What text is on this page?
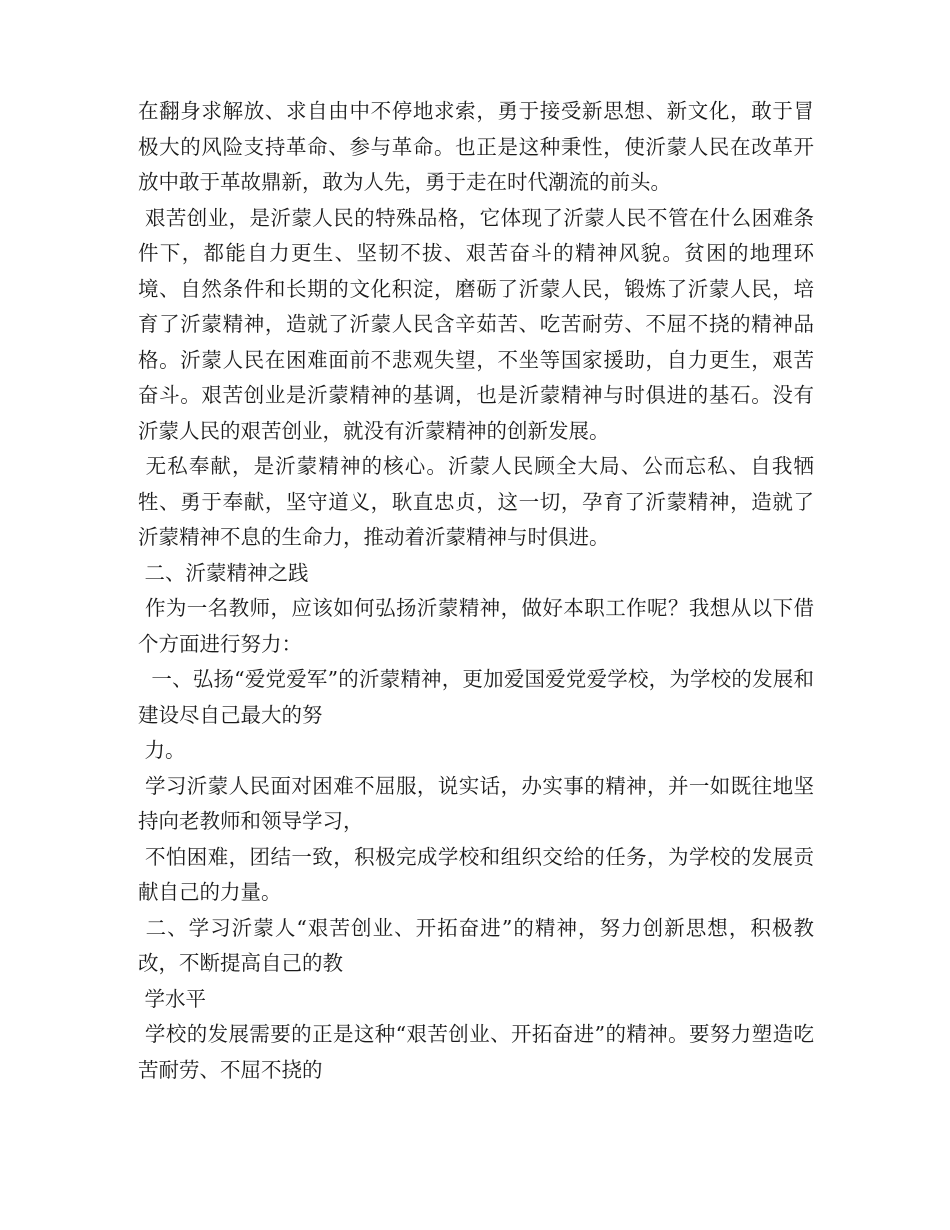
在翻身求解放、求自由中不停地求索，勇于接受新思想、新文化，敢于冒极大的风险支持革命、参与革命。也正是这种秉性，使沂蒙人民在改革开放中敢于革故鼎新，敢为人先，勇于走在时代潮流的前头。

艰苦创业，是沂蒙人民的特殊品格，它体现了沂蒙人民不管在什么困难条件下，都能自力更生、坚韧不拔、艰苦奋斗的精神风貌。贫困的地理环境、自然条件和长期的文化积淀，磨砺了沂蒙人民，锻炼了沂蒙人民，培育了沂蒙精神，造就了沂蒙人民含辛茹苦、吃苦耐劳、不屈不挠的精神品格。沂蒙人民在困难面前不悲观失望，不坐等国家援助，自力更生，艰苦奋斗。艰苦创业是沂蒙精神的基调，也是沂蒙精神与时俱进的基石。没有沂蒙人民的艰苦创业，就没有沂蒙精神的创新发展。

无私奉献，是沂蒙精神的核心。沂蒙人民顾全大局、公而忘私、自我牺牲、勇于奉献，坚守道义，耿直忠贞，这一切，孕育了沂蒙精神，造就了沂蒙精神不息的生命力，推动着沂蒙精神与时俱进。

二、沂蒙精神之践

作为一名教师，应该如何弘扬沂蒙精神，做好本职工作呢？我想从以下借个方面进行努力：

一、弘扬“爱党爱军”的沂蒙精神，更加爱国爱党爱学校，为学校的发展和建设尽自己最大的努

力。

学习沂蒙人民面对困难不屈服，说实话，办实事的精神，并一如既往地坚持向老教师和领导学习，

不怕困难，团结一致，积极完成学校和组织交给的任务，为学校的发展贡献自己的力量。

二、学习沂蒙人“艰苦创业、开拓奋进”的精神，努力创新思想，积极教改，不断提高自己的教

学水平

学校的发展需要的正是这种“艰苦创业、开拓奋进”的精神。要努力塑造吃苦耐劳、不屈不挠的
